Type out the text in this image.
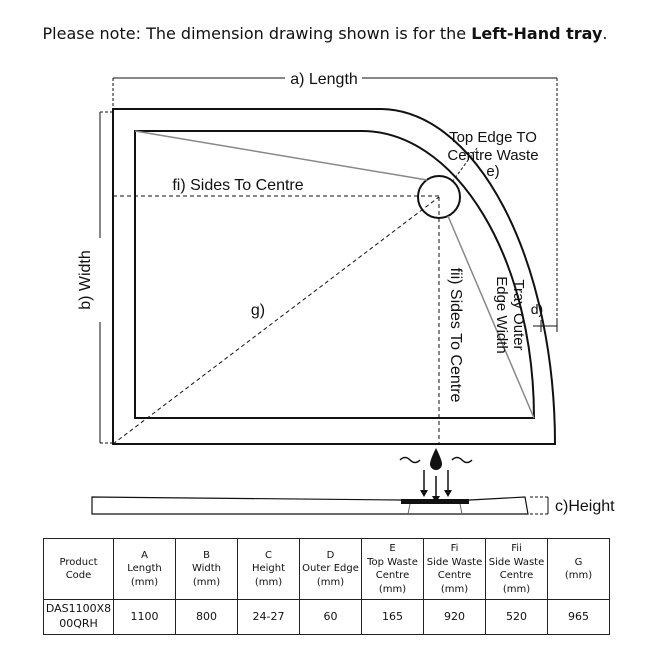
Please note: The dimension drawing shown is for the Left-Hand tray.
a) Length
b) Width
fi) Sides To Centre
fii) Sides To Centre
g)
Top Edge TO
Centre Waste
e)
d)
Tray Outer
Edge Width
c)Height
Product
Code	A
Length
(mm)	B
Width
(mm)	C
Height
(mm)	D
Outer Edge
(mm)	E
Top Waste
Centre
(mm)	Fi
Side Waste
Centre
(mm)	Fii
Side Waste
Centre
(mm)	G
(mm)

DAS1100X8
00QRH	1100	800	24-27	60	165	920	520	965
